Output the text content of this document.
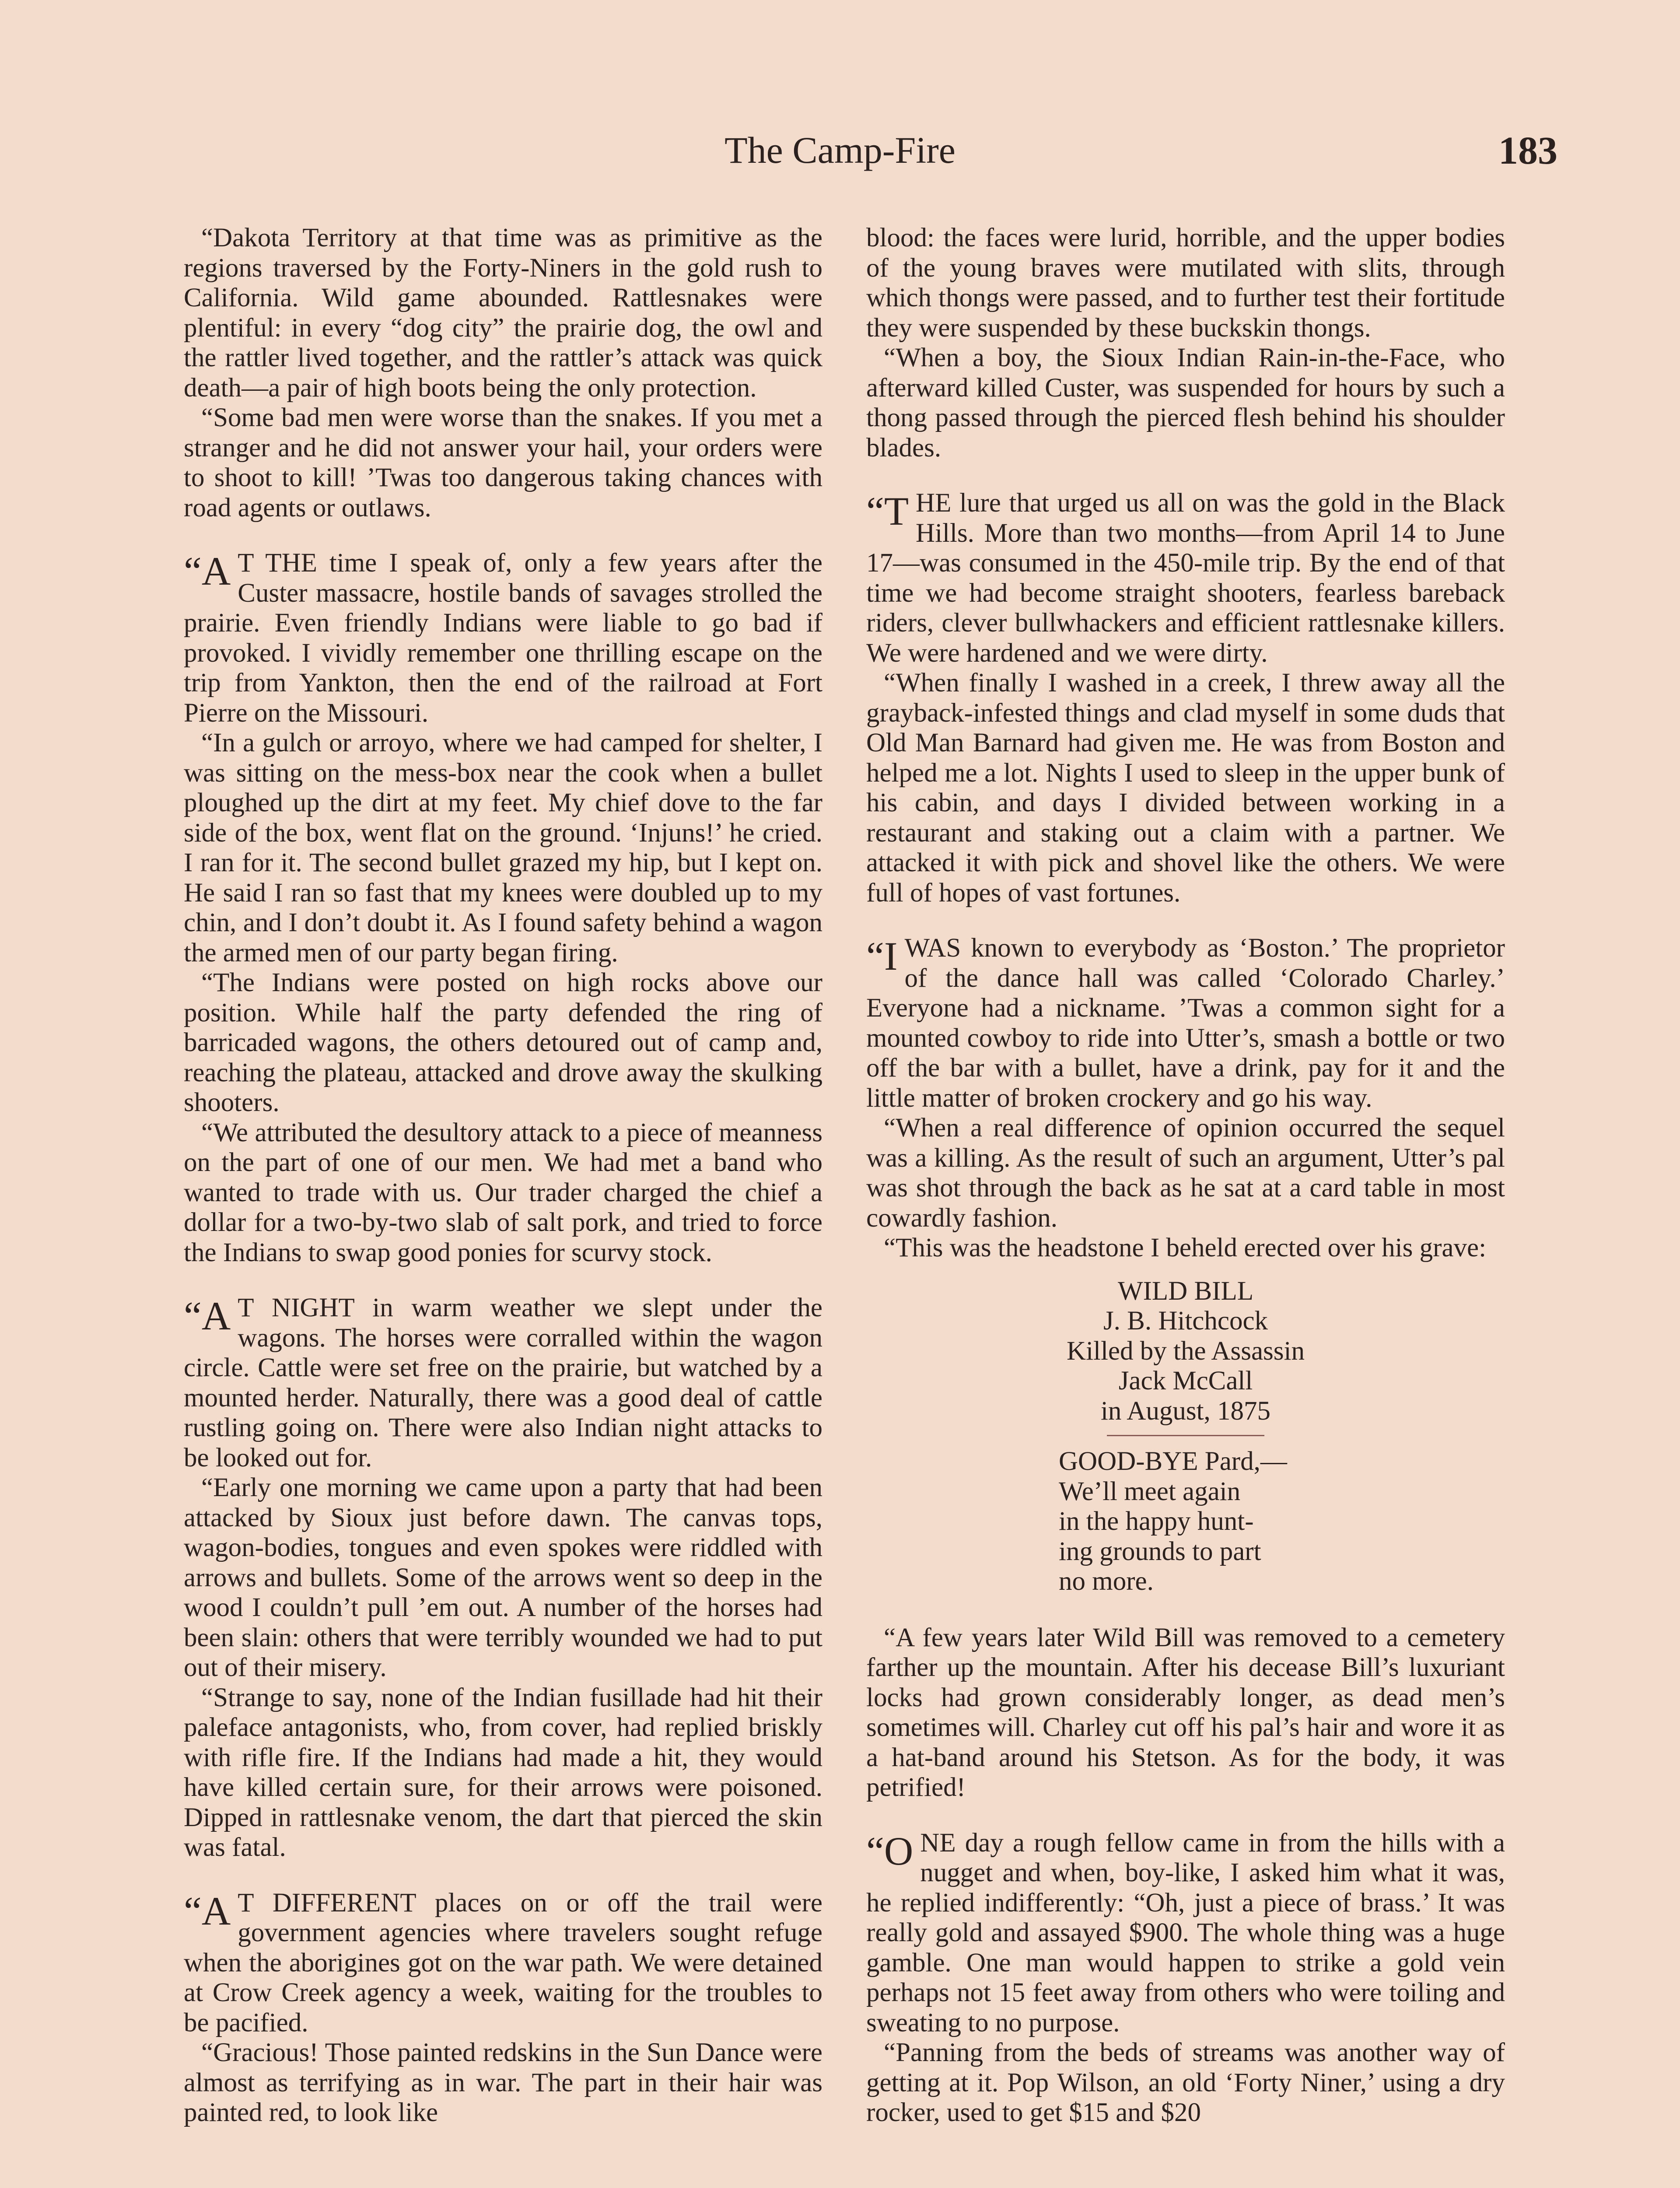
The Camp-Fire	183

“Dakota Territory at that time was as primitive as the regions traversed by the Forty-Niners in the gold rush to California. Wild game abounded. Rattlesnakes were plentiful: in every “dog city” the prairie dog, the owl and the rattler lived together, and the rattler’s attack was quick death—a pair of high boots being the only protection.

“Some bad men were worse than the snakes. If you met a stranger and he did not answer your hail, your orders were to shoot to kill! ’Twas too dangerous taking chances with road agents or outlaws.

“A T THE time I speak of, only a few years after the Custer massacre, hostile bands of savages strolled the prairie. Even friendly Indians were liable to go bad if provoked. I vividly remember one thrilling escape on the trip from Yankton, then the end of the railroad at Fort Pierre on the Missouri.

“In a gulch or arroyo, where we had camped for shelter, I was sitting on the mess-box near the cook when a bullet ploughed up the dirt at my feet. My chief dove to the far side of the box, went flat on the ground. ‘Injuns!’ he cried. I ran for it. The second bullet grazed my hip, but I kept on. He said I ran so fast that my knees were doubled up to my chin, and I don’t doubt it. As I found safety behind a wagon the armed men of our party began firing.

“The Indians were posted on high rocks above our position. While half the party defended the ring of barricaded wagons, the others detoured out of camp and, reaching the plateau, attacked and drove away the skulking shooters.

“We attributed the desultory attack to a piece of meanness on the part of one of our men. We had met a band who wanted to trade with us. Our trader charged the chief a dollar for a two-by-two slab of salt pork, and tried to force the Indians to swap good ponies for scurvy stock.

“A T NIGHT in warm weather we slept under the wagons. The horses were corralled within the wagon circle. Cattle were set free on the prairie, but watched by a mounted herder. Naturally, there was a good deal of cattle rustling going on. There were also Indian night attacks to be looked out for.

“Early one morning we came upon a party that had been attacked by Sioux just before dawn. The canvas tops, wagon-bodies, tongues and even spokes were riddled with arrows and bullets. Some of the arrows went so deep in the wood I couldn’t pull ’em out. A number of the horses had been slain: others that were terribly wounded we had to put out of their misery.

“Strange to say, none of the Indian fusillade had hit their paleface antagonists, who, from cover, had replied briskly with rifle fire. If the Indians had made a hit, they would have killed certain sure, for their arrows were poisoned. Dipped in rattlesnake venom, the dart that pierced the skin was fatal.

“A T DIFFERENT places on or off the trail were government agencies where travelers sought refuge when the aborigines got on the war path. We were detained at Crow Creek agency a week, waiting for the troubles to be pacified.

“Gracious! Those painted redskins in the Sun Dance were almost as terrifying as in war. The part in their hair was painted red, to look like

blood: the faces were lurid, horrible, and the upper bodies of the young braves were mutilated with slits, through which thongs were passed, and to further test their fortitude they were suspended by these buckskin thongs.

“When a boy, the Sioux Indian Rain-in-the-Face, who afterward killed Custer, was suspended for hours by such a thong passed through the pierced flesh behind his shoulder blades.

“T HE lure that urged us all on was the gold in the Black Hills. More than two months—from April 14 to June 17—was consumed in the 450-mile trip. By the end of that time we had become straight shooters, fearless bareback riders, clever bullwhackers and efficient rattlesnake killers. We were hardened and we were dirty.

“When finally I washed in a creek, I threw away all the grayback-infested things and clad myself in some duds that Old Man Barnard had given me. He was from Boston and helped me a lot. Nights I used to sleep in the upper bunk of his cabin, and days I divided between working in a restaurant and staking out a claim with a partner. We attacked it with pick and shovel like the others. We were full of hopes of vast fortunes.

“I WAS known to everybody as ‘Boston.’ The proprietor of the dance hall was called ‘Colorado Charley.’ Everyone had a nickname. ’Twas a common sight for a mounted cowboy to ride into Utter’s, smash a bottle or two off the bar with a bullet, have a drink, pay for it and the little matter of broken crockery and go his way.

“When a real difference of opinion occurred the sequel was a killing. As the result of such an argument, Utter’s pal was shot through the back as he sat at a card table in most cowardly fashion.

“This was the headstone I beheld erected over his grave:

WILD BILL
J. B. Hitchcock
Killed by the Assassin
Jack McCall
in August, 1875
GOOD-BYE Pard,—
We’ll meet again
in the happy hunt-
ing grounds to part
no more.

“A few years later Wild Bill was removed to a cemetery farther up the mountain. After his decease Bill’s luxuriant locks had grown considerably longer, as dead men’s sometimes will. Charley cut off his pal’s hair and wore it as a hat-band around his Stetson. As for the body, it was petrified!

“O NE day a rough fellow came in from the hills with a nugget and when, boy-like, I asked him what it was, he replied indifferently: “Oh, just a piece of brass.’ It was really gold and assayed $900. The whole thing was a huge gamble. One man would happen to strike a gold vein perhaps not 15 feet away from others who were toiling and sweating to no purpose.

“Panning from the beds of streams was another way of getting at it. Pop Wilson, an old ‘Forty Niner,’ using a dry rocker, used to get $15 and $20
